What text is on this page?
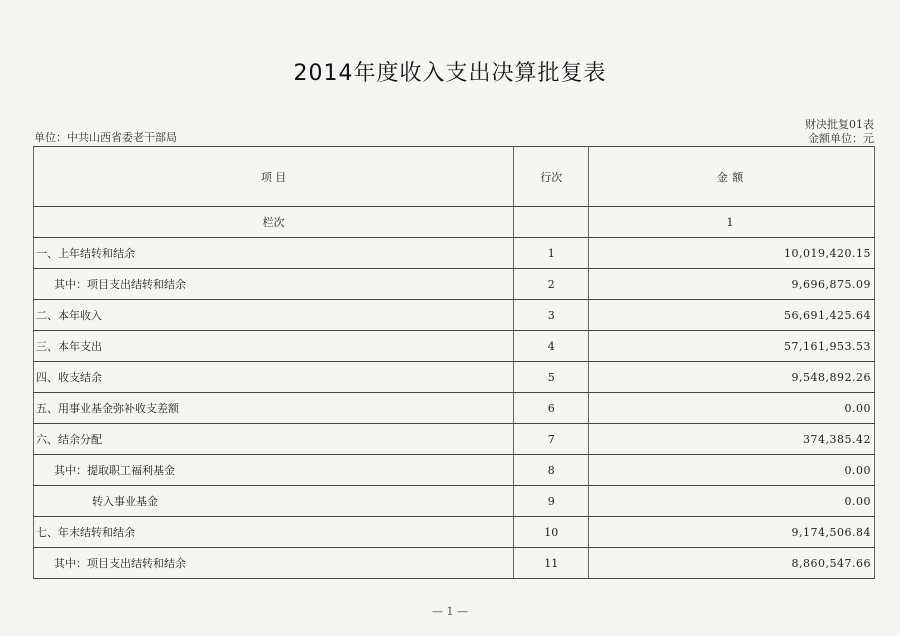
2014年度收入支出决算批复表
财决批复01表
单位：中共山西省委老干部局	金额单位：元
项 目	行次	金 额
栏次		1
一、上年结转和结余	1	10,019,420.15
其中：项目支出结转和结余	2	9,696,875.09
二、本年收入	3	56,691,425.64
三、本年支出	4	57,161,953.53
四、收支结余	5	9,548,892.26
五、用事业基金弥补收支差额	6	0.00
六、结余分配	7	374,385.42
其中：提取职工福利基金	8	0.00
转入事业基金	9	0.00
七、年末结转和结余	10	9,174,506.84
其中：项目支出结转和结余	11	8,860,547.66
— 1 —
